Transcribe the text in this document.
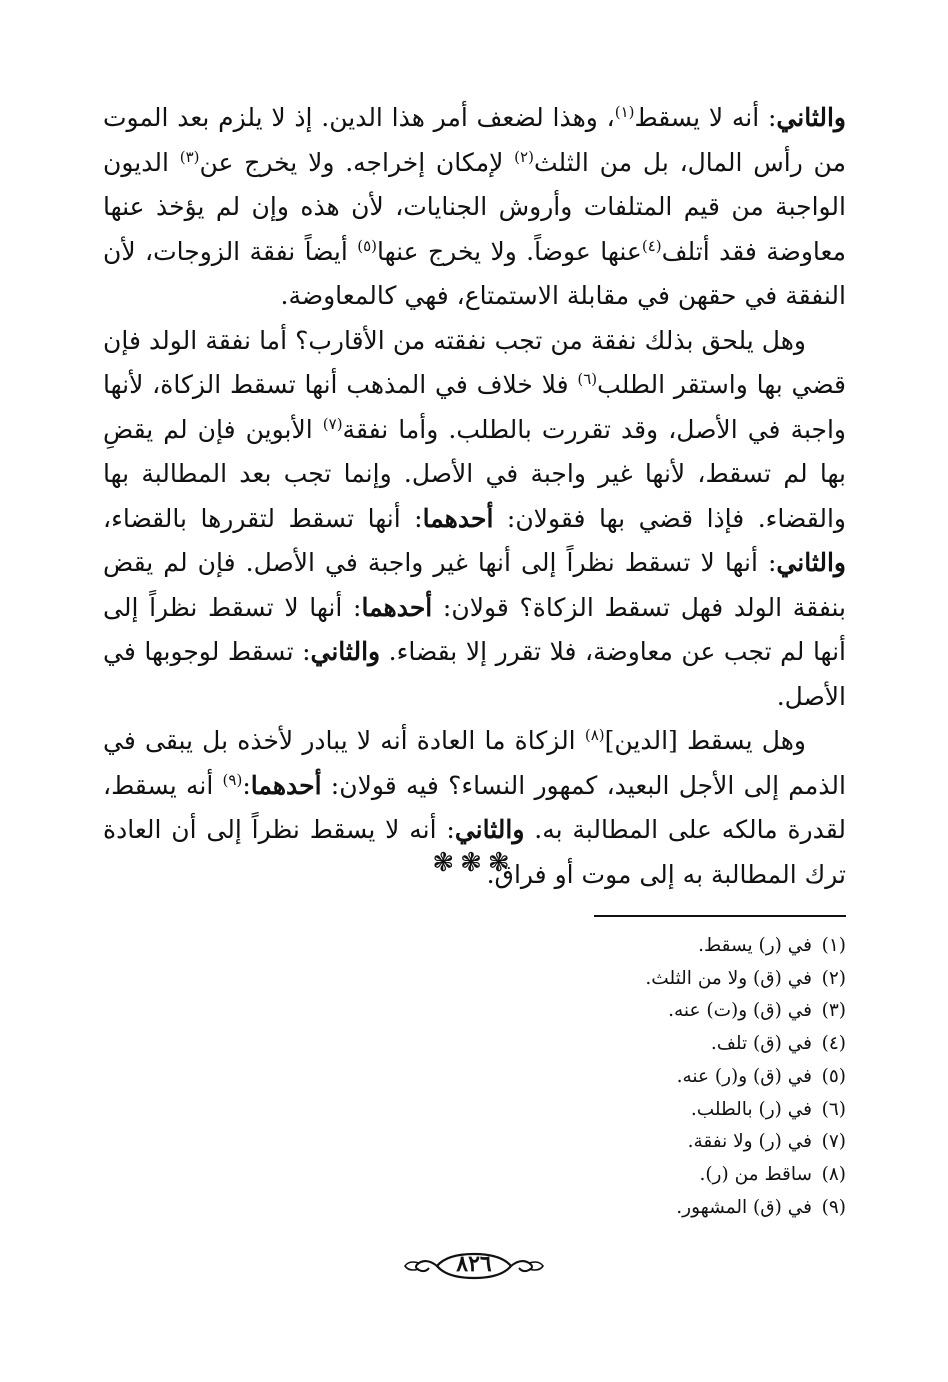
والثاني: أنه لا يسقط$^{(١)}$، وهذا لضعف أمر هذا الدين. إذ لا يلزم بعد الموت من رأس المال، بل من الثلث$^{(٢)}$ لإمكان إخراجه. ولا يخرج عن$^{(٣)}$ الديون الواجبة من قيم المتلفات وأروش الجنايات، لأن هذه وإن لم يؤخذ عنها معاوضة فقد أتلف$^{(٤)}$عنها عوضاً. ولا يخرج عنها$^{(٥)}$ أيضاً نفقة الزوجات، لأن النفقة في حقهن في مقابلة الاستمتاع، فهي كالمعاوضة.

وهل يلحق بذلك نفقة من تجب نفقته من الأقارب؟ أما نفقة الولد فإن قضي بها واستقر الطلب$^{(٦)}$ فلا خلاف في المذهب أنها تسقط الزكاة، لأنها واجبة في الأصل، وقد تقررت بالطلب. وأما نفقة$^{(٧)}$ الأبوين فإن لم يقضِ بها لم تسقط، لأنها غير واجبة في الأصل. وإنما تجب بعد المطالبة بها والقضاء. فإذا قضي بها فقولان: أحدهما: أنها تسقط لتقررها بالقضاء، والثاني: أنها لا تسقط نظراً إلى أنها غير واجبة في الأصل. فإن لم يقض بنفقة الولد فهل تسقط الزكاة؟ قولان: أحدهما: أنها لا تسقط نظراً إلى أنها لم تجب عن معاوضة، فلا تقرر إلا بقضاء. والثاني: تسقط لوجوبها في الأصل.

وهل يسقط [الدين]$^{(٨)}$ الزكاة ما العادة أنه لا يبادر لأخذه بل يبقى في الذمم إلى الأجل البعيد، كمهور النساء؟ فيه قولان: أحدهما:$^{(٩)}$ أنه يسقط، لقدرة مالكه على المطالبة به. والثاني: أنه لا يسقط نظراً إلى أن العادة ترك المطالبة به إلى موت أو فراق.

❃❃❃
(١)في (ر) يسقط.
(٢)في (ق) ولا من الثلث.
(٣)في (ق) و(ت) عنه.
(٤)في (ق) تلف.
(٥)في (ق) و(ر) عنه.
(٦)في (ر) بالطلب.
(٧)في (ر) ولا نفقة.
(٨)ساقط من (ر).
(٩)في (ق) المشهور.
٨٢٦
